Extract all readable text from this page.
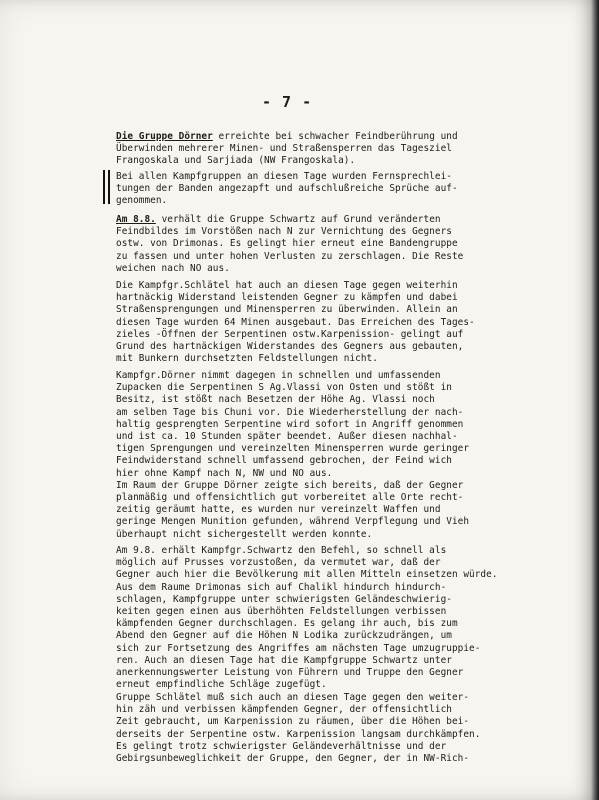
- 7 -
Die Gruppe Dörner erreichte bei schwacher Feindberührung und
Überwinden mehrerer Minen- und Straßensperren das Tagesziel
Frangoskala und Sarjiada (NW Frangoskala).
Bei allen Kampfgruppen an diesen Tage wurden Fernsprechlei-
tungen der Banden angezapft und aufschlußreiche Sprüche auf-
genommen.
Am 8.8. verhält die Gruppe Schwartz auf Grund veränderten
Feindbildes im Vorstößen nach N zur Vernichtung des Gegners
ostw. von Drimonas. Es gelingt hier erneut eine Bandengruppe
zu fassen und unter hohen Verlusten zu zerschlagen. Die Reste
weichen nach NO aus.
Die Kampfgr.Schlätel hat auch an diesen Tage gegen weiterhin
hartnäckig Widerstand leistenden Gegner zu kämpfen und dabei
Straßensprengungen und Minensperren zu überwinden. Allein an
diesen Tage wurden 64 Minen ausgebaut. Das Erreichen des Tages-
zieles -Öffnen der Serpentinen ostw.Karpenission- gelingt auf
Grund des hartnäckigen Widerstandes des Gegners aus gebauten,
mit Bunkern durchsetzten Feldstellungen nicht.
Kampfgr.Dörner nimmt dagegen in schnellen und umfassenden
Zupacken die Serpentinen S Ag.Vlassi von Osten und stößt in
Besitz, ist stößt nach Besetzen der Höhe Ag. Vlassi noch
am selben Tage bis Chuni vor. Die Wiederherstellung der nach-
haltig gesprengten Serpentine wird sofort in Angriff genommen
und ist ca. 10 Stunden später beendet. Außer diesen nachhal-
tigen Sprengungen und vereinzelten Minensperren wurde geringer
Feindwiderstand schnell umfassend gebrochen, der Feind wich
hier ohne Kampf nach N, NW und NO aus.
Im Raum der Gruppe Dörner zeigte sich bereits, daß der Gegner
planmäßig und offensichtlich gut vorbereitet alle Orte recht-
zeitig geräumt hatte, es wurden nur vereinzelt Waffen und
geringe Mengen Munition gefunden, während Verpflegung und Vieh
überhaupt nicht sichergestellt werden konnte.
Am 9.8. erhält Kampfgr.Schwartz den Befehl, so schnell als
möglich auf Prusses vorzustoßen, da vermutet war, daß der
Gegner auch hier die Bevölkerung mit allen Mitteln einsetzen würde.
Aus dem Raume Drimonas sich auf Chalikl hindurch hindurch-
schlagen, Kampfgruppe unter schwierigsten Geländeschwierig-
keiten gegen einen aus überhöhten Feldstellungen verbissen
kämpfenden Gegner durchschlagen. Es gelang ihr auch, bis zum
Abend den Gegner auf die Höhen N Lodika zurückzudrängen, um
sich zur Fortsetzung des Angriffes am nächsten Tage umzugruppie-
ren. Auch an diesen Tage hat die Kampfgruppe Schwartz unter
anerkennungswerter Leistung von Führern und Truppe den Gegner
erneut empfindliche Schläge zugefügt.
Gruppe Schlätel muß sich auch an diesen Tage gegen den weiter-
hin zäh und verbissen kämpfenden Gegner, der offensichtlich
Zeit gebraucht, um Karpenission zu räumen, über die Höhen bei-
derseits der Serpentine ostw. Karpenission langsam durchkämpfen.
Es gelingt trotz schwierigster Geländeverhältnisse und der
Gebirgsunbeweglichkeit der Gruppe, den Gegner, der in NW-Rich-
